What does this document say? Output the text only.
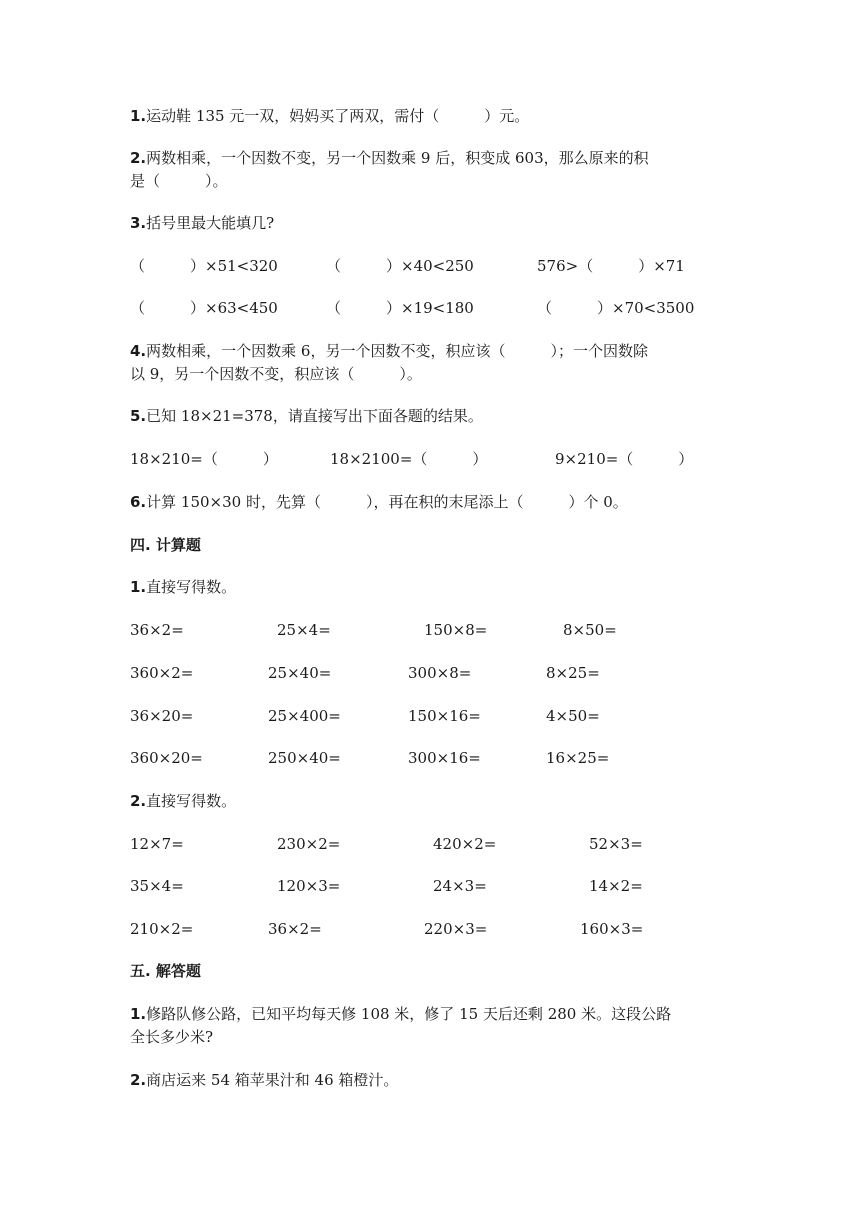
1.运动鞋 135 元一双，妈妈买了两双，需付（　　　）元。
2.两数相乘，一个因数不变，另一个因数乘 9 后，积变成 603，那么原来的积
是（　　　）。
3.括号里最大能填几?
（　　　）×51<320	（　　　）×40<250	576>（　　　）×71
（　　　）×63<450	（　　　）×19<180	（　　　）×70<3500
4.两数相乘，一个因数乘 6，另一个因数不变，积应该（　　　）；一个因数除
以 9，另一个因数不变，积应该（　　　）。
5.已知 18×21=378，请直接写出下面各题的结果。
18×210=（　　　）	18×2100=（　　　）	9×210=（　　　）
6.计算 150×30 时，先算（　　　），再在积的末尾添上（　　　）个 0。
四. 计算题
1.直接写得数。
36×2=	25×4=	150×8=	8×50=
360×2=	25×40=	300×8=	8×25=
36×20=	25×400=	150×16=	4×50=
360×20=	250×40=	300×16=	16×25=
2.直接写得数。
12×7=	230×2=	420×2=	52×3=
35×4=	120×3=	24×3=	14×2=
210×2=	36×2=	220×3=	160×3=
五. 解答题
1.修路队修公路，已知平均每天修 108 米，修了 15 天后还剩 280 米。这段公路
全长多少米?
2.商店运来 54 箱苹果汁和 46 箱橙汁。
